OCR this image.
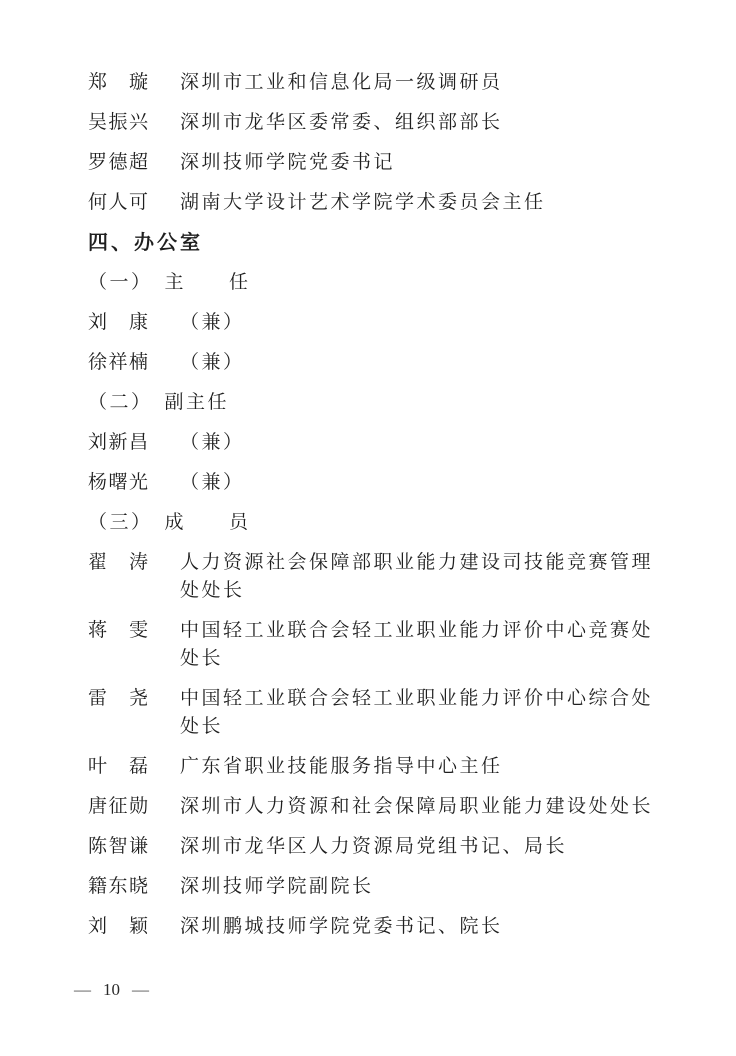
郑　璇 深圳市工业和信息化局一级调研员
吴振兴 深圳市龙华区委常委、组织部部长
罗德超 深圳技师学院党委书记
何人可 湖南大学设计艺术学院学术委员会主任
四、办公室
（一）　主　　任
刘　康 （兼）
徐祥楠 （兼）
（二）　副主任
刘新昌 （兼）
杨曙光 （兼）
（三）　成　　员
翟　涛 人力资源社会保障部职业能力建设司技能竞赛管理处处长
蒋　雯 中国轻工业联合会轻工业职业能力评价中心竞赛处处长
雷　尧 中国轻工业联合会轻工业职业能力评价中心综合处处长
叶　磊 广东省职业技能服务指导中心主任
唐征勋 深圳市人力资源和社会保障局职业能力建设处处长
陈智谦 深圳市龙华区人力资源局党组书记、局长
籍东晓 深圳技师学院副院长
刘　颖 深圳鹏城技师学院党委书记、院长
— 10 —
